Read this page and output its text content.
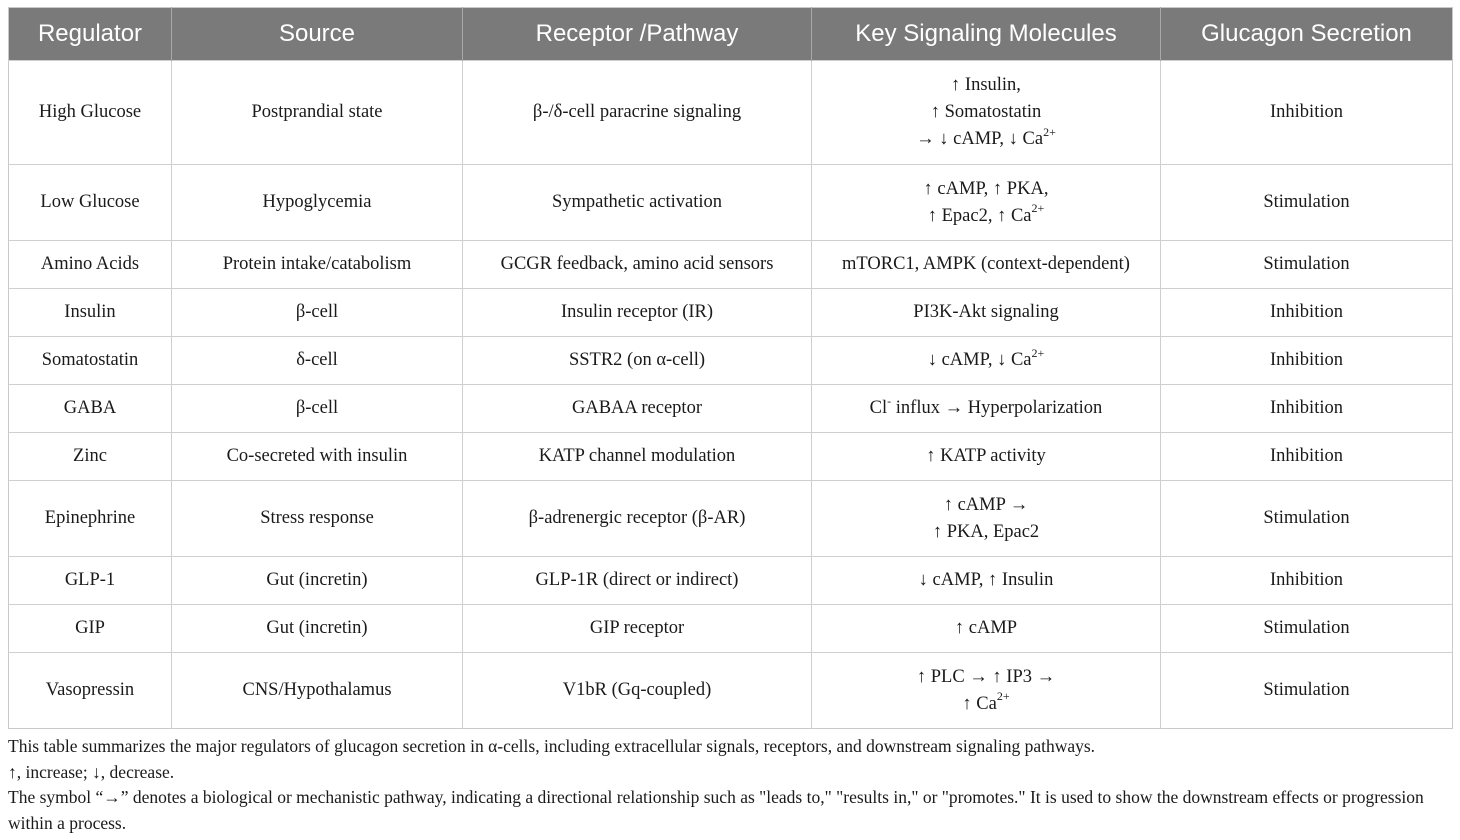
Regulator	Source	Receptor /Pathway	Key Signaling Molecules	Glucagon Secretion
High Glucose	Postprandial state	β-/δ-cell paracrine signaling	↑ Insulin,
↑ Somatostatin
→ ↓ cAMP, ↓ $Ca^{2+}$	Inhibition
Low Glucose	Hypoglycemia	Sympathetic activation	↑ cAMP, ↑ PKA,
↑ Epac2, ↑ $Ca^{2+}$	Stimulation
Amino Acids	Protein intake/catabolism	GCGR feedback, amino acid sensors	mTORC1, AMPK (context-dependent)	Stimulation
Insulin	β-cell	Insulin receptor (IR)	PI3K-Akt signaling	Inhibition
Somatostatin	δ-cell	SSTR2 (on α-cell)	↓ cAMP, ↓ $Ca^{2+}$	Inhibition
GABA	β-cell	GABAA receptor	Cl- influx → Hyperpolarization	Inhibition
Zinc	Co-secreted with insulin	KATP channel modulation	↑ KATP activity	Inhibition
Epinephrine	Stress response	β-adrenergic receptor (β-AR)	↑ cAMP →
↑ PKA, Epac2	Stimulation
GLP-1	Gut (incretin)	GLP-1R (direct or indirect)	↓ cAMP, ↑ Insulin	Inhibition
GIP	Gut (incretin)	GIP receptor	↑ cAMP	Stimulation
Vasopressin	CNS/Hypothalamus	V1bR (Gq-coupled)	↑ PLC → ↑ IP3 →
↑ $Ca^{2+}$	Stimulation

This table summarizes the major regulators of glucagon secretion in α-cells, including extracellular signals, receptors, and downstream signaling pathways.

↑, increase; ↓, decrease.

The symbol “→” denotes a biological or mechanistic pathway, indicating a directional relationship such as "leads to," "results in," or "promotes." It is used to show the downstream effects or progression within a process.
